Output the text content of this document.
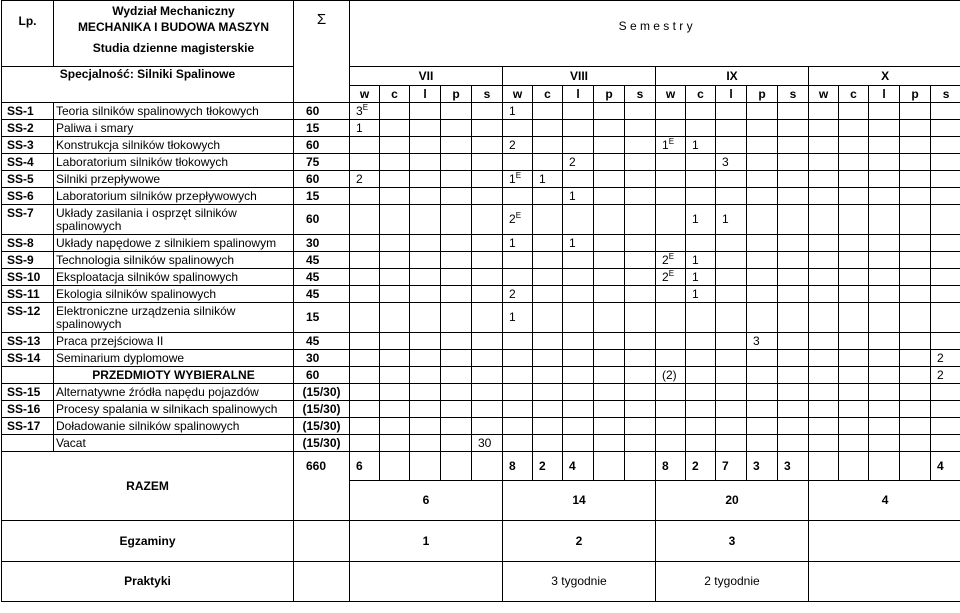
Lp.	Wydział Mechaniczny
MECHANIKA I BUDOWA MASZYN
Studia dzienne magisterskie	Σ	S e m e s t r y																			
Specjalność: Silniki Spalinowe			VII					VIII					IX					X				
			w	c	l	p	s	w	c	l	p	s	w	c	l	p	s	w	c	l	p	s
SS-1	Teoria silników spalinowych tłokowych	60	$3^E$					1														
SS-2	Paliwa i smary	15	1																			
SS-3	Konstrukcja silników tłokowych	60						2					$1^E$	1								
SS-4	Laboratorium silników tłokowych	75								2					3							
SS-5	Silniki przepływowe	60	2					$1^E$	1													
SS-6	Laboratorium silników przepływowych	15								1												
SS-7	Układy zasilania i osprzęt silników spalinowych	60						$2^E$						1	1							
SS-8	Układy napędowe z silnikiem spalinowym	30						1		1												
SS-9	Technologia silników spalinowych	45											$2^E$	1								
SS-10	Eksploatacja silników spalinowych	45											$2^E$	1								
SS-11	Ekologia silników spalinowych	45						2						1								
SS-12	Elektroniczne urządzenia silników spalinowych	15						1														
SS-13	Praca przejściowa II	45														3						
SS-14	Seminarium dyplomowe	30																				2
	PRZEDMIOTY WYBIERALNE	60											(2)									2
SS-15	Alternatywne źródła napędu pojazdów	(15/30)																				
SS-16	Procesy spalania w silnikach spalinowych	(15/30)																				
SS-17	Doładowanie silników spalinowych	(15/30)																				
	Vacat	(15/30)					30															
RAZEM		660	6					8	2	4			8	2	7	3	3					4
			6					14					20					4				
Egzaminy			1					2					3									
Praktyki								3 tygodnie					2 tygodnie									
